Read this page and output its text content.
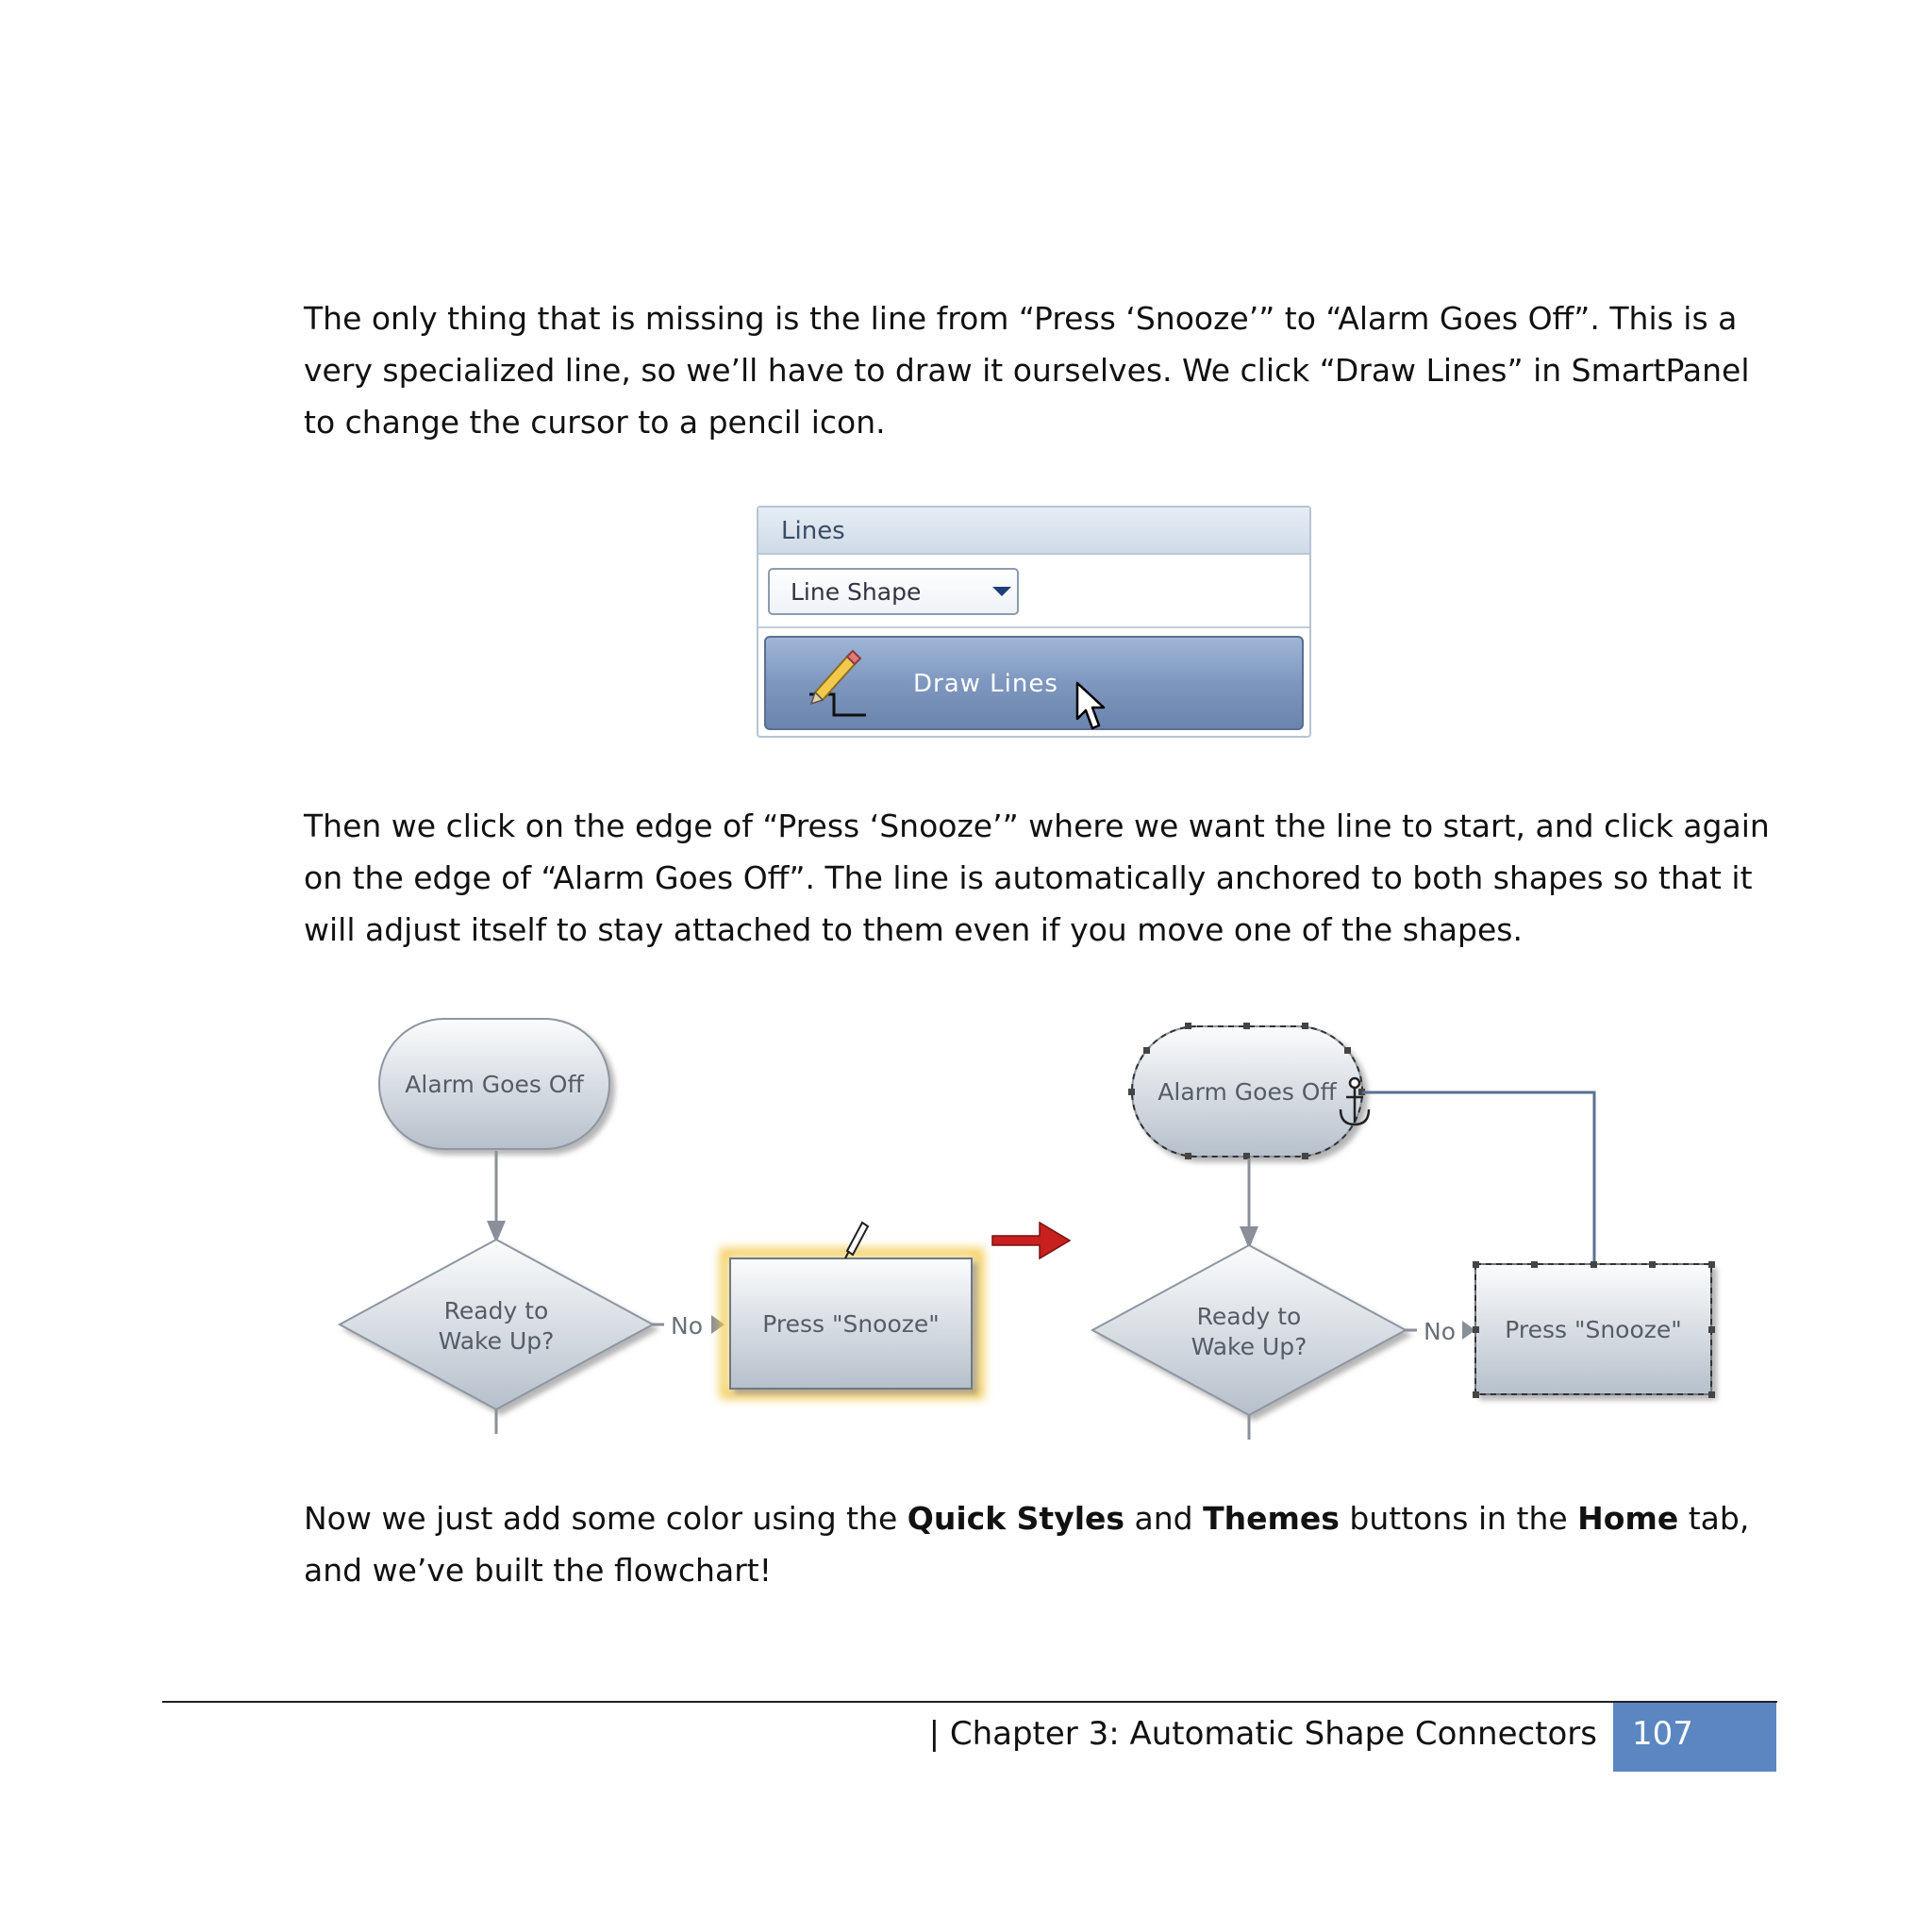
The only thing that is missing is the line from “Press ‘Snooze’” to “Alarm Goes Off”. This is a very specialized line, so we’ll have to draw it ourselves. We click “Draw Lines” in SmartPanel to change the cursor to a pencil icon.

Lines
Line Shape
Draw Lines

Then we click on the edge of “Press ‘Snooze’” where we want the line to start, and click again on the edge of “Alarm Goes Off”. The line is automatically anchored to both shapes so that it will adjust itself to stay attached to them even if you move one of the shapes.

Alarm Goes Off
Ready to
Wake Up?
No	Press "Snooze"
Alarm Goes Off
Ready to
Wake Up?
No Press "Snooze"

Now we just add some color using the Quick Styles and Themes buttons in the Home tab, and we’ve built the flowchart!

| Chapter 3: Automatic Shape Connectors 107
